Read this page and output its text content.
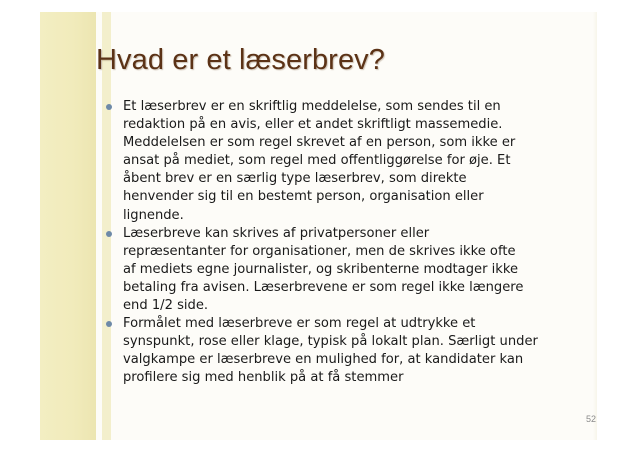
Hvad er et læserbrev?
Et læserbrev er en skriftlig meddelelse, som sendes til en
redaktion på en avis, eller et andet skriftligt massemedie.
Meddelelsen er som regel skrevet af en person, som ikke er
ansat på mediet, som regel med offentliggørelse for øje. Et
åbent brev er en særlig type læserbrev, som direkte
henvender sig til en bestemt person, organisation eller
lignende.
Læserbreve kan skrives af privatpersoner eller
repræsentanter for organisationer, men de skrives ikke ofte
af mediets egne journalister, og skribenterne modtager ikke
betaling fra avisen. Læserbrevene er som regel ikke længere
end 1/2 side.
Formålet med læserbreve er som regel at udtrykke et
synspunkt, rose eller klage, typisk på lokalt plan. Særligt under
valgkampe er læserbreve en mulighed for, at kandidater kan
profilere sig med henblik på at få stemmer
52
